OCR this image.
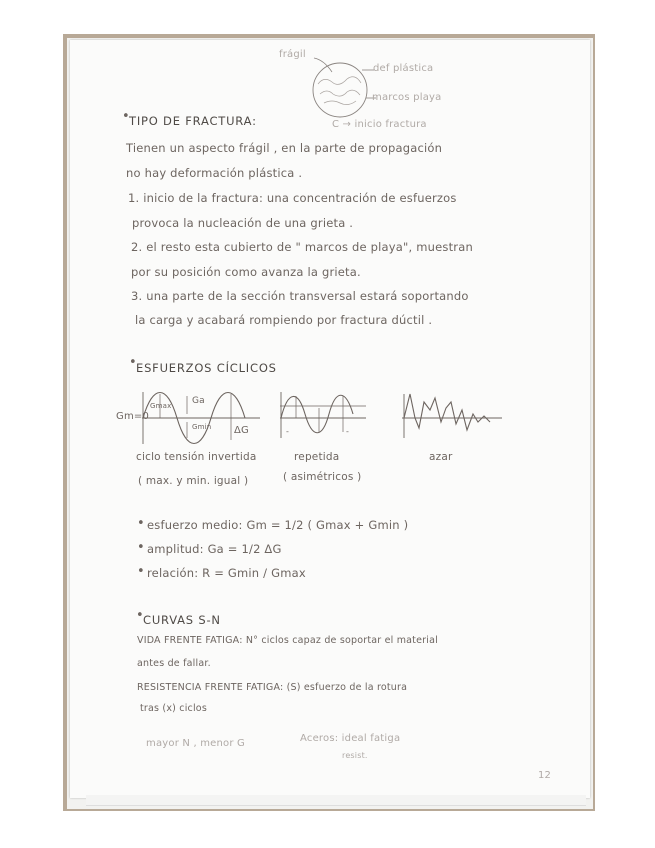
frágil
def plástica
marcos playa
C → inicio fractura
• TIPO DE FRACTURA:
Tienen un aspecto frágil , en la parte de propagación
no hay deformación plástica .
1. inicio de la fractura: una concentración de esfuerzos
provoca la nucleación de una grieta .
2. el resto esta cubierto de " marcos de playa", muestran
por su posición como avanza la grieta.
3. una parte de la sección transversal estará soportando
la carga y acabará rompiendo por fractura dúctil .
• ESFUERZOS CÍCLICOS
-	-
Gm=0
Gmax Ga
Gmin ΔG
ciclo tensión invertida	repetida	azar
( max. y min. igual )	( asimétricos )
• esfuerzo medio: Gm = 1/2 ( Gmax + Gmin )
• amplitud: Ga = 1/2 ΔG
• relación: R = Gmin / Gmax
• CURVAS S-N
VIDA FRENTE FATIGA: N° ciclos capaz de soportar el material
antes de fallar.
RESISTENCIA FRENTE FATIGA: (S) esfuerzo de la rotura
tras (x) ciclos
mayor N , menor G	Aceros: ideal fatiga
resist.
12
